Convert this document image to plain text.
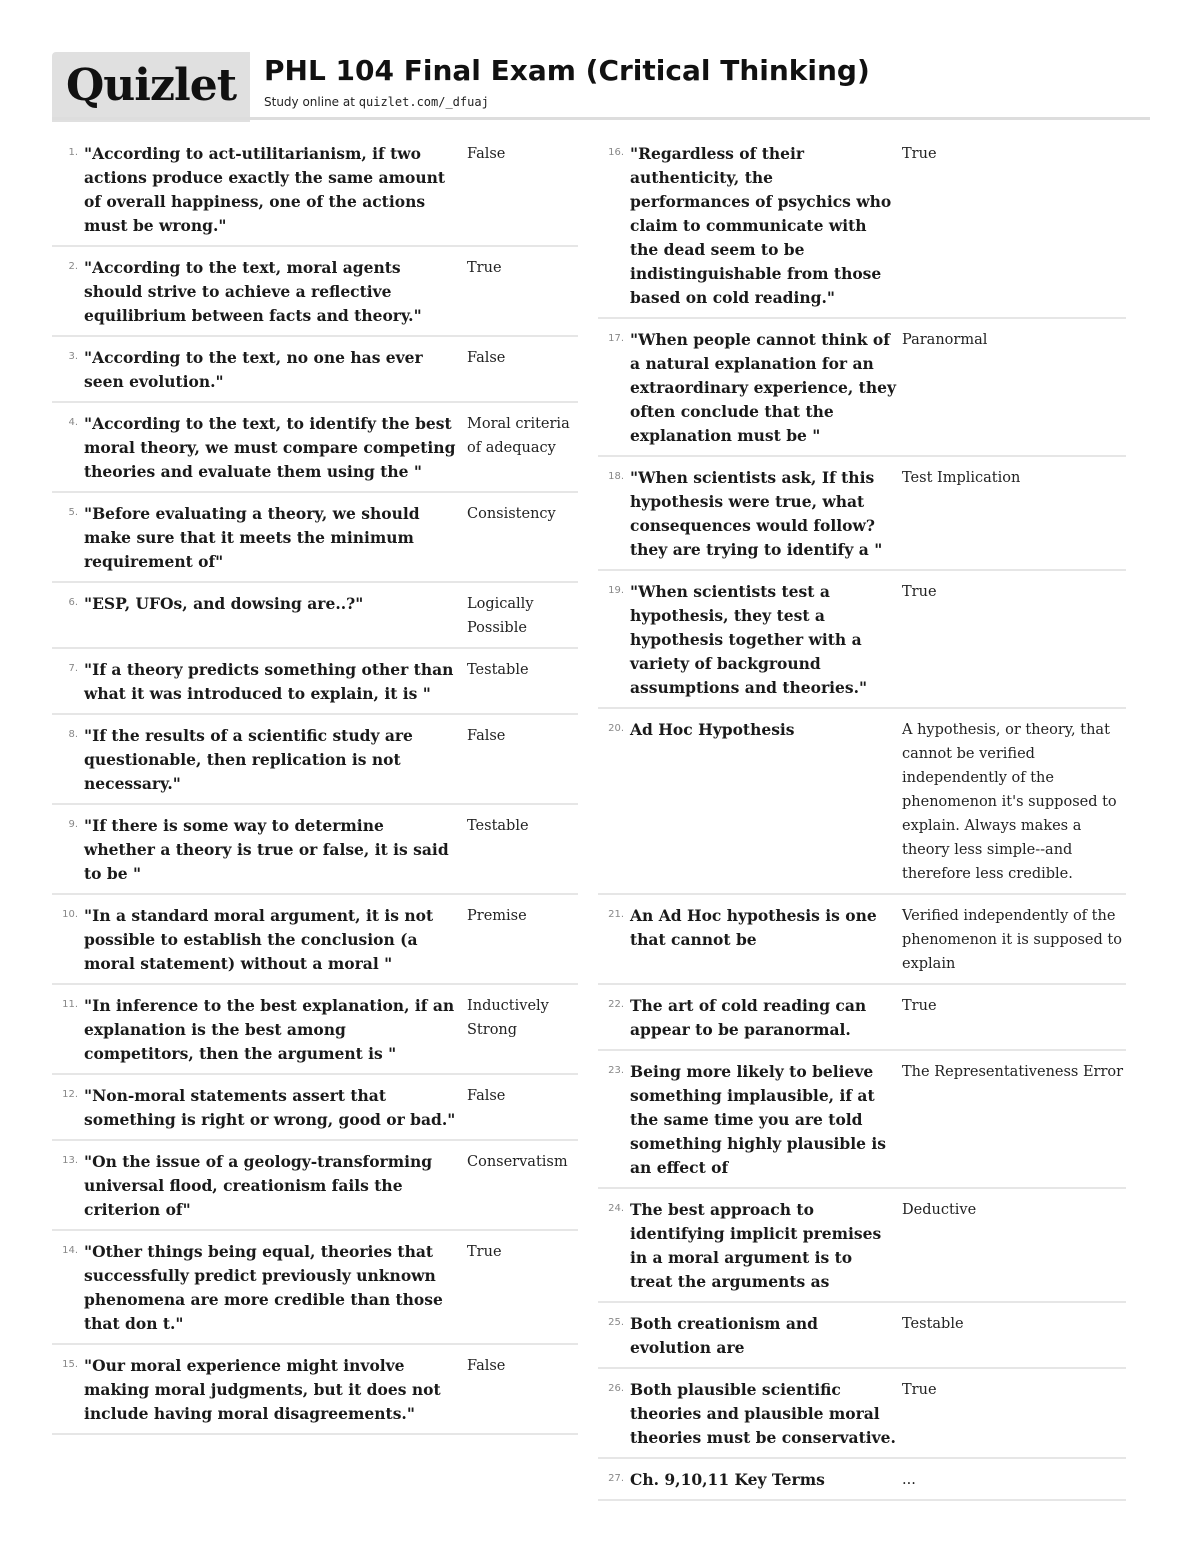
Quizlet PHL 104 Final Exam (Critical Thinking)
Study online at quizlet.com/_dfuaj
1. "According to act-utilitarianism, if two actions produce exactly the same amount of overall happiness, one of the actions must be wrong."
False
2. "According to the text, moral agents should strive to achieve a reflective equilibrium between facts and theory."
True
3. "According to the text, no one has ever seen evolution."
False
4. "According to the text, to identify the best moral theory, we must compare competing theories and evaluate them using the "
Moral criteria of adequacy
5. "Before evaluating a theory, we should make sure that it meets the minimum requirement of"
Consistency
6. "ESP, UFOs, and dowsing are..?"	Logically Possible
7. "If a theory predicts something other than what it was introduced to explain, it is "
Testable
8. "If the results of a scientific study are questionable, then replication is not necessary."
False
9. "If there is some way to determine whether a theory is true or false, it is said to be "
Testable
10. "In a standard moral argument, it is not possible to establish the conclusion (a moral statement) without a moral "
Premise
11. "In inference to the best explanation, if an explanation is the best among competitors, then the argument is "
Inductively Strong
12. "Non-moral statements assert that something is right or wrong, good or bad."
False
13. "On the issue of a geology-transforming universal flood, creationism fails the criterion of"
Conservatism
14. "Other things being equal, theories that successfully predict previously unknown phenomena are more credible than those that don t."
True
15. "Our moral experience might involve making moral judgments, but it does not include having moral disagreements."
False
16. "Regardless of their authenticity, the performances of psychics who claim to communicate with the dead seem to be indistinguishable from those based on cold reading."
True
17. "When people cannot think of a natural explanation for an extraordinary experience, they often conclude that the explanation must be "
Paranormal
18. "When scientists ask, If this hypothesis were true, what consequences would follow? they are trying to identify a "
Test Implication
19. "When scientists test a hypothesis, they test a hypothesis together with a variety of background assumptions and theories."
True
20. Ad Hoc Hypothesis	A hypothesis, or theory, that cannot be verified independently of the phenomenon it's supposed to explain. Always makes a theory less simple--and therefore less credible.
21. An Ad Hoc hypothesis is one that cannot be
Verified independently of the phenomenon it is supposed to explain
22. The art of cold reading can appear to be paranormal.
True
23. Being more likely to believe something implausible, if at the same time you are told something highly plausible is an effect of
The Representativeness Error
24. The best approach to identifying implicit premises in a moral argument is to treat the arguments as
Deductive
25. Both creationism and evolution are
Testable
26. Both plausible scientific theories and plausible moral theories must be conservative.
True
27. Ch. 9,10,11 Key Terms	...
